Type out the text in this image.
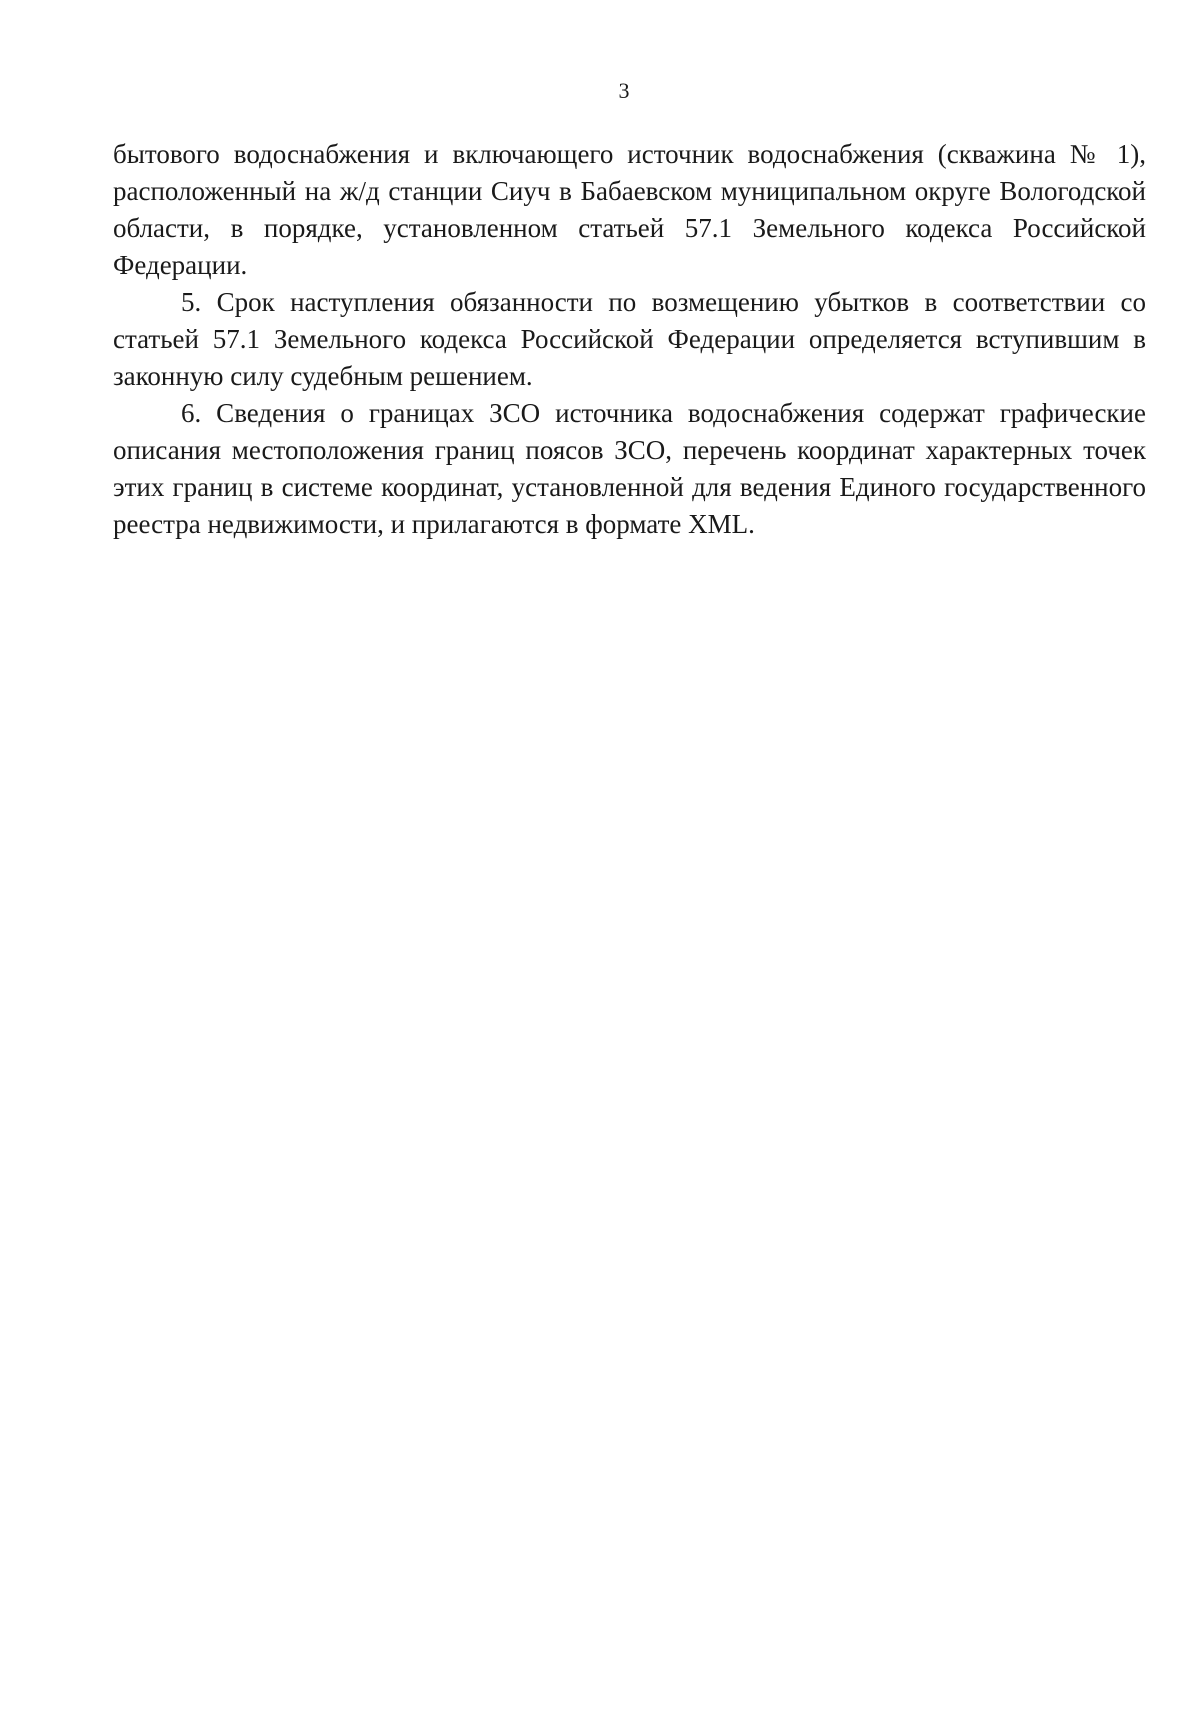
3

бытового водоснабжения и включающего источник водоснабжения (скважина № 1), расположенный на ж/д станции Сиуч в Бабаевском муниципальном округе Вологодской области, в порядке, установленном статьей 57.1 Земельного кодекса Российской Федерации.

5. Срок наступления обязанности по возмещению убытков в соответствии со статьей 57.1 Земельного кодекса Российской Федерации определяется вступившим в законную силу судебным решением.

6. Сведения о границах ЗСО источника водоснабжения содержат графические описания местоположения границ поясов ЗСО, перечень координат характерных точек этих границ в системе координат, установленной для ведения Единого государственного реестра недвижимости, и прилагаются в формате XML.
